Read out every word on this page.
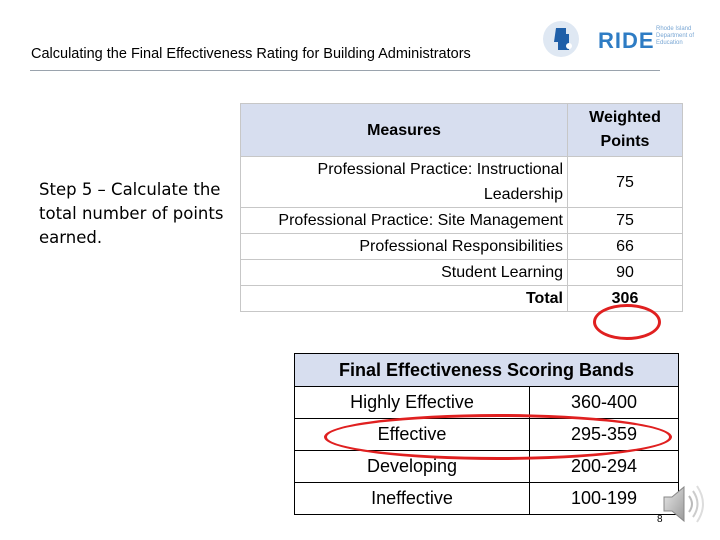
Calculating the Final Effectiveness Rating for Building Administrators
RIDE Rhode Island Department of Education
Step 5 – Calculate the total number of points earned.
Measures	Weighted Points
Professional Practice: Instructional Leadership	75
Professional Practice: Site Management	75
Professional Responsibilities	66
Student Learning	90
Total	306
Final Effectiveness Scoring Bands	
Highly Effective	360-400
Effective	295-359
Developing	200-294
Ineffective	100-199
8
